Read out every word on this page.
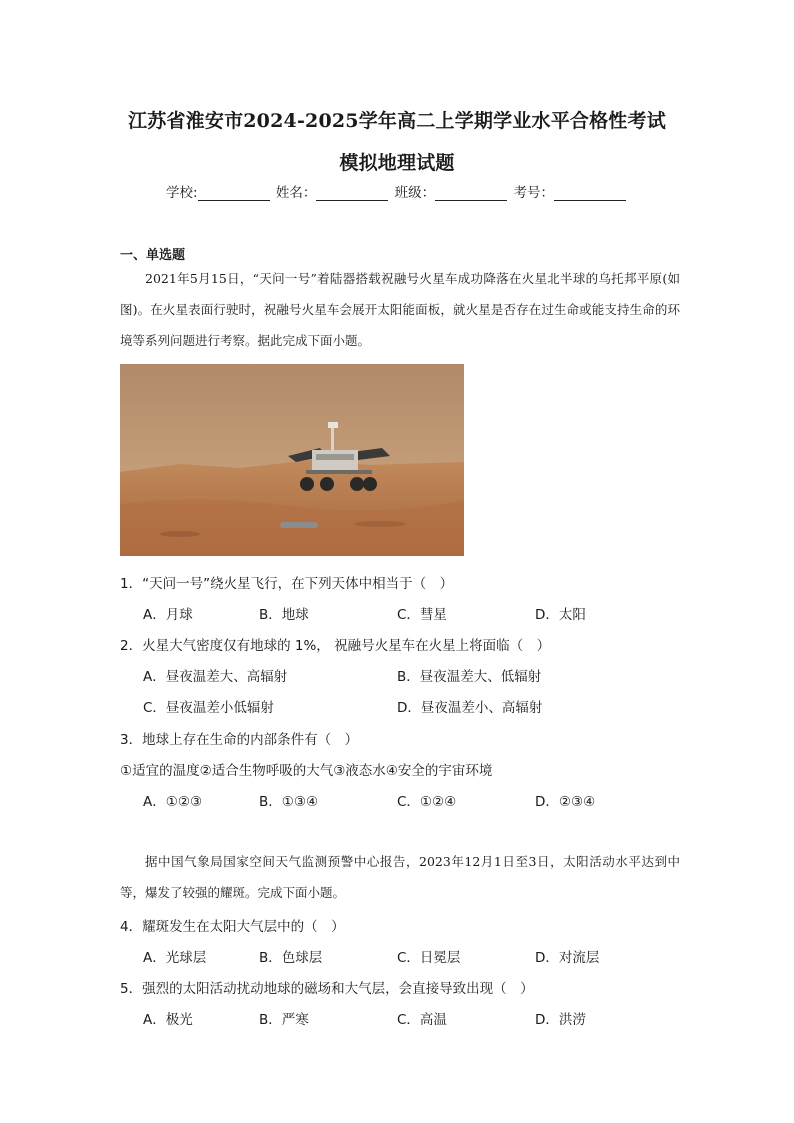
江苏省淮安市2024-2025学年高二上学期学业水平合格性考试
模拟地理试题
学校:	姓名：	班级：	考号：
一、单选题
2021年5月15日，“天问一号”着陆器搭载祝融号火星车成功降落在火星北半球的乌托邦平原(如图)。在火星表面行驶时，祝融号火星车会展开太阳能面板，就火星是否存在过生命或能支持生命的环境等系列问题进行考察。据此完成下面小题。
1．“天问一号”绕火星飞行，在下列天体中相当于（　）
A．月球	B．地球	C．彗星	D．太阳
2．火星大气密度仅有地球的 1%， 祝融号火星车在火星上将面临（　）
A．昼夜温差大、高辐射	B．昼夜温差大、低辐射
C．昼夜温差小低辐射	D．昼夜温差小、高辐射
3．地球上存在生命的内部条件有（　）
①适宜的温度②适合生物呼吸的大气③液态水④安全的宇宙环境
A．①②③	B．①③④	C．①②④	D．②③④
据中国气象局国家空间天气监测预警中心报告，2023年12月1日至3日，太阳活动水平达到中等，爆发了较强的耀斑。完成下面小题。
4．耀斑发生在太阳大气层中的（　）
A．光球层	B．色球层	C．日冕层	D．对流层
5．强烈的太阳活动扰动地球的磁场和大气层，会直接导致出现（　）
A．极光	B．严寒	C．高温	D．洪涝
